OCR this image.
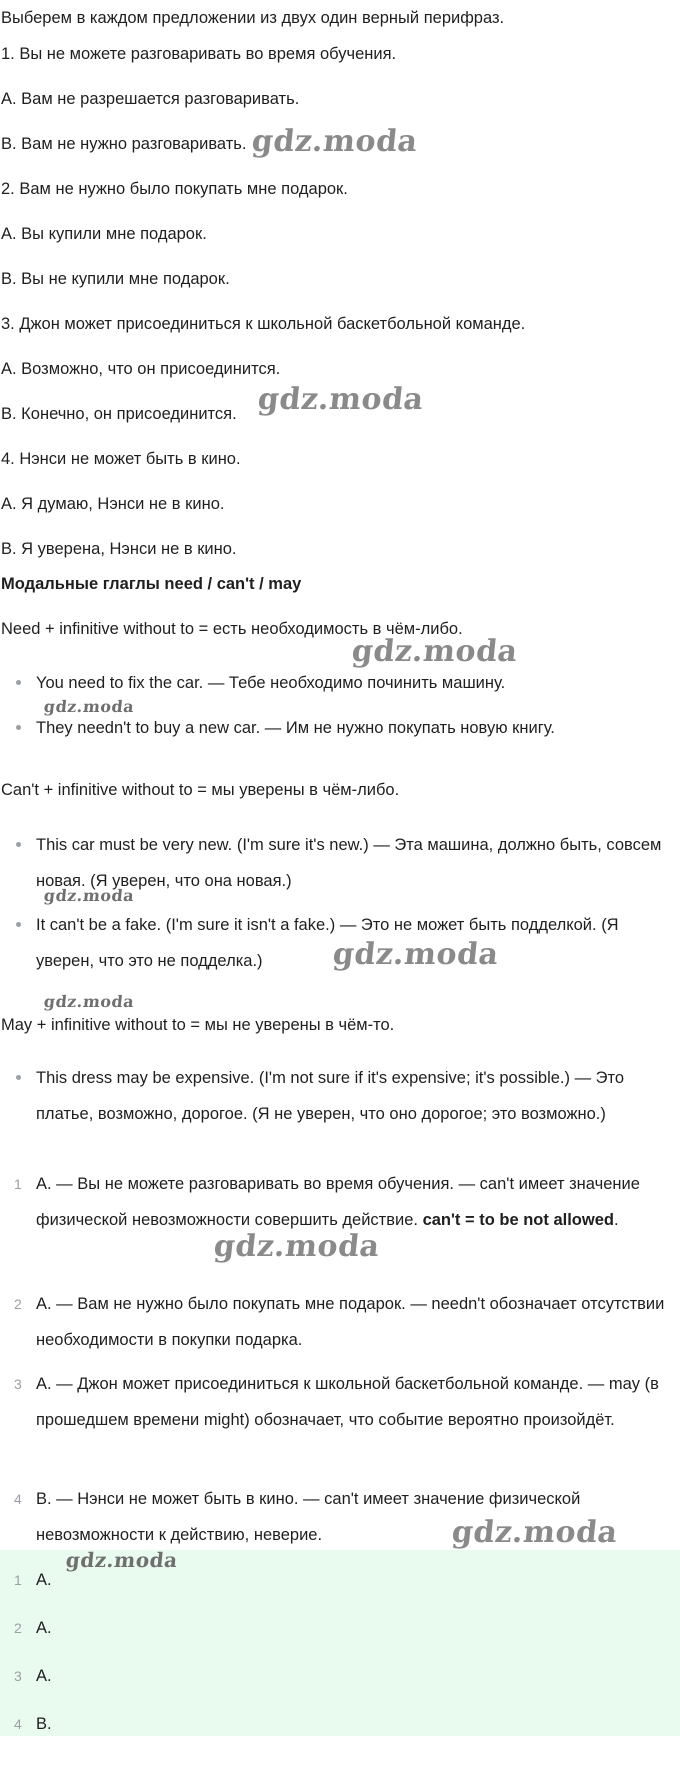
Выберем в каждом предложении из двух один верный перифраз.
1. Вы не можете разговаривать во время обучения.
A. Вам не разрешается разговаривать.
B. Вам не нужно разговаривать.
2. Вам не нужно было покупать мне подарок.
A. Вы купили мне подарок.
B. Вы не купили мне подарок.
3. Джон может присоединиться к школьной баскетбольной команде.
A. Возможно, что он присоединится.
B. Конечно, он присоединится.
4. Нэнси не может быть в кино.
A. Я думаю, Нэнси не в кино.
B. Я уверена, Нэнси не в кино.
Модальные глаглы need / can't / may
Need + infinitive without to = есть необходимость в чём-либо.
You need to fix the car. — Тебе необходимо починить машину.
They needn't to buy a new car. — Им не нужно покупать новую книгу.
Can't + infinitive without to = мы уверены в чём-либо.
This car must be very new. (I'm sure it's new.) — Эта машина, должно быть, совсем новая. (Я уверен, что она новая.)
It can't be a fake. (I'm sure it isn't a fake.) — Это не может быть подделкой. (Я уверен, что это не подделка.)
May + infinitive without to = мы не уверены в чём-то.
This dress may be expensive. (I'm not sure if it's expensive; it's possible.) — Это платье, возможно, дорогое. (Я не уверен, что оно дорогое; это возможно.)
1 A. — Вы не можете разговаривать во время обучения. — can't имеет значение физической невозможности совершить действие. can't = to be not allowed.
2 A. — Вам не нужно было покупать мне подарок. — needn't обозначает отсутствии необходимости в покупки подарка.
3 A. — Джон может присоединиться к школьной баскетбольной команде. — may (в прошедшем времени might) обозначает, что событие вероятно произойдёт.
4 B. — Нэнси не может быть в кино. — can't имеет значение физической невозможности к действию, неверие.
1 A.
2 A.
3 A.
4 B.
gdz.moda
gdz.moda
gdz.moda
gdz.moda
gdz.moda
gdz.moda
gdz.moda
gdz.moda
gdz.moda
gdz.moda
